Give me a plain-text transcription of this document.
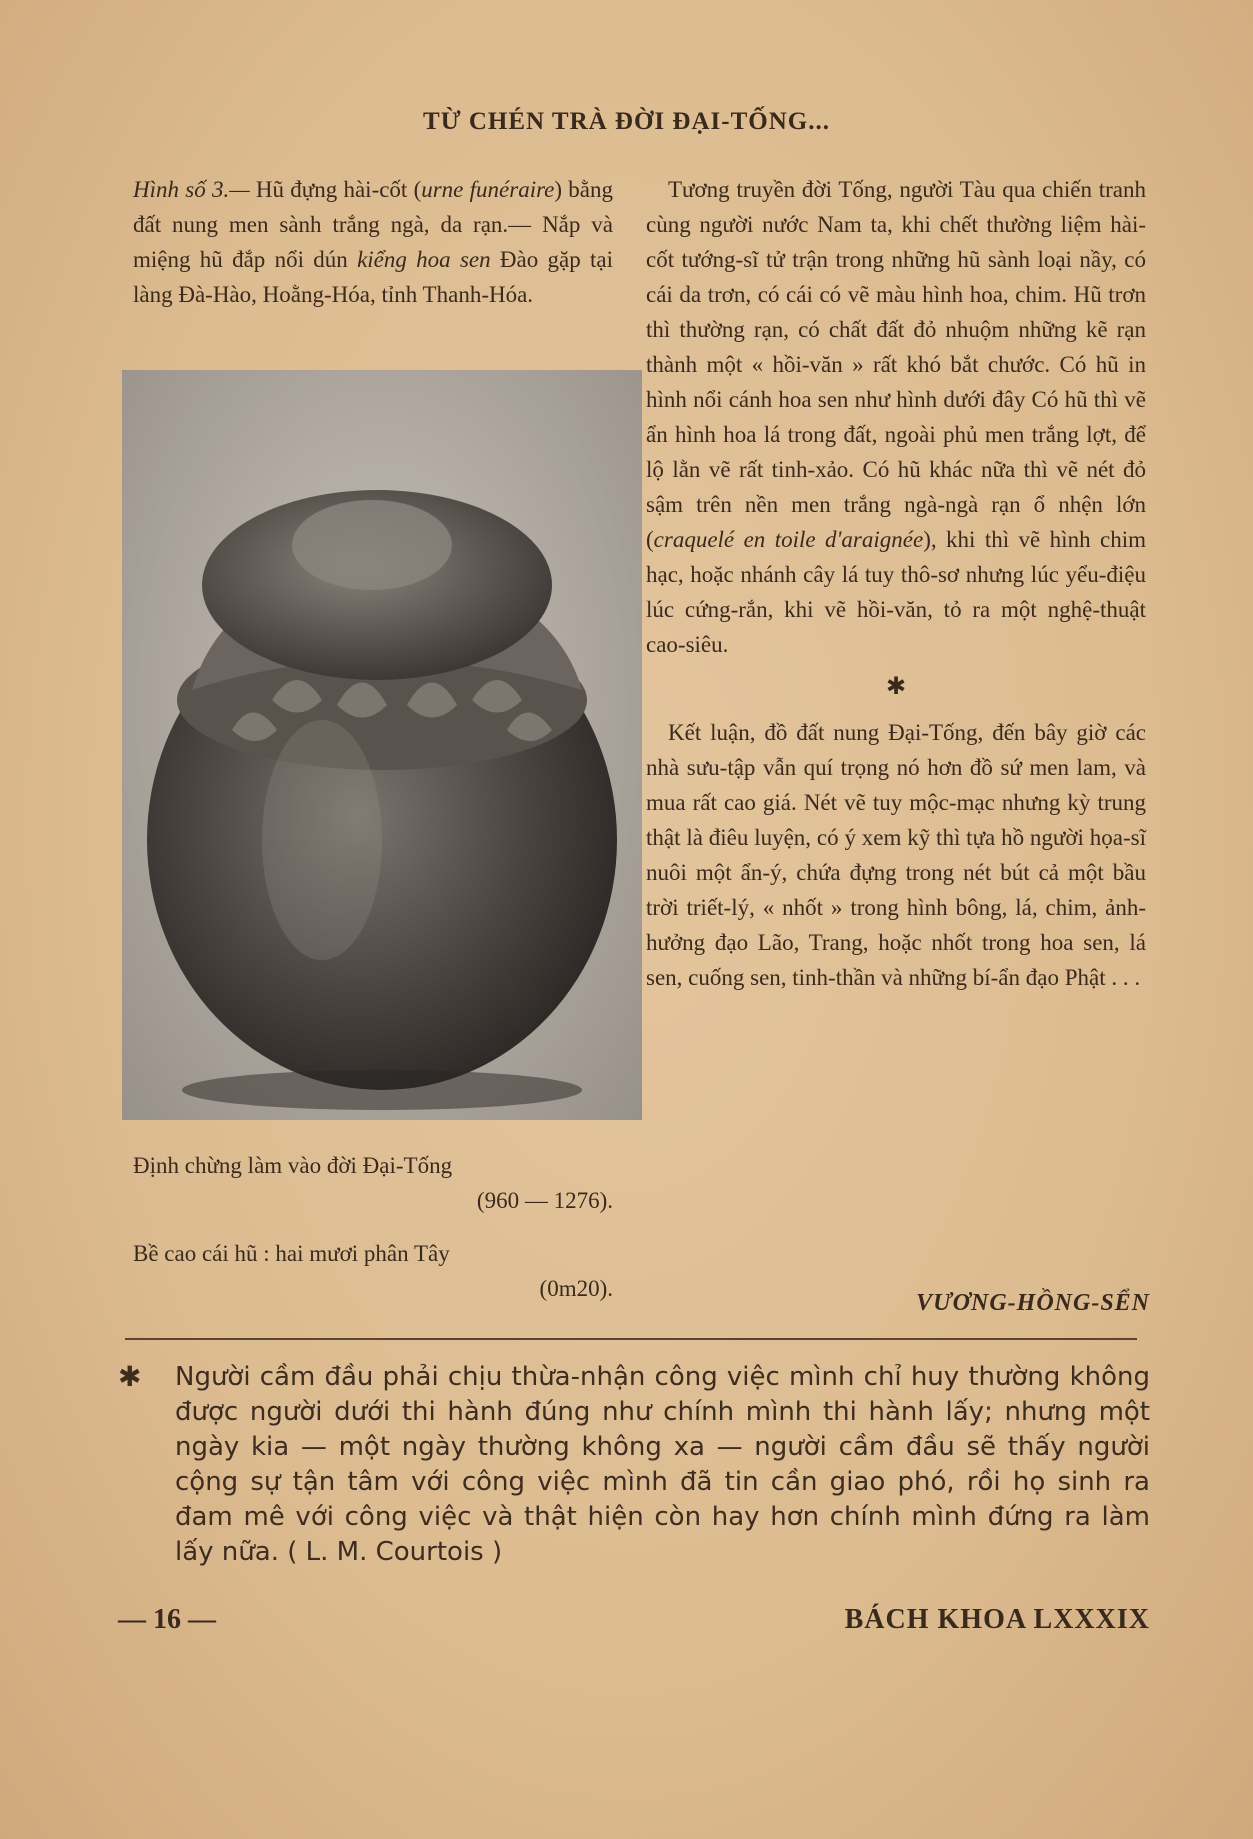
TỪ CHÉN TRÀ ĐỜI ĐẠI-TỐNG...

Hình số 3.— Hũ đựng hài-cốt (urne funéraire) bằng đất nung men sành trắng ngà, da rạn.— Nắp và miệng hũ đắp nổi dún kiểng hoa sen Đào gặp tại làng Đà-Hào, Hoằng-Hóa, tỉnh Thanh-Hóa.

Định chừng làm vào đời Đại-Tống

(960 — 1276).

Bề cao cái hũ : hai mươi phân Tây

(0m20).

Tương truyền đời Tống, người Tàu qua chiến tranh cùng người nước Nam ta, khi chết thường liệm hài-cốt tướng-sĩ tử trận trong những hũ sành loại nầy, có cái da trơn, có cái có vẽ màu hình hoa, chim. Hũ trơn thì thường rạn, có chất đất đỏ nhuộm những kẽ rạn thành một « hồi-văn » rất khó bắt chước. Có hũ in hình nổi cánh hoa sen như hình dưới đây Có hũ thì vẽ ẩn hình hoa lá trong đất, ngoài phủ men trắng lợt, để lộ lằn vẽ rất tinh-xảo. Có hũ khác nữa thì vẽ nét đỏ sậm trên nền men trắng ngà-ngà rạn ổ nhện lớn (craquelé en toile d'araignée), khi thì vẽ hình chim hạc, hoặc nhánh cây lá tuy thô-sơ nhưng lúc yểu-điệu lúc cứng-rắn, khi vẽ hồi-văn, tỏ ra một nghệ-thuật cao-siêu.

✱

Kết luận, đồ đất nung Đại-Tống, đến bây giờ các nhà sưu-tập vẫn quí trọng nó hơn đồ sứ men lam, và mua rất cao giá. Nét vẽ tuy mộc-mạc nhưng kỳ trung thật là điêu luyện, có ý xem kỹ thì tựa hồ người họa-sĩ nuôi một ẩn-ý, chứa đựng trong nét bút cả một bầu trời triết-lý, « nhốt » trong hình bông, lá, chim, ảnh-hưởng đạo Lão, Trang, hoặc nhốt trong hoa sen, lá sen, cuống sen, tinh-thần và những bí-ẩn đạo Phật . . .

VƯƠNG-HỒNG-SỂN
✱ Người cầm đầu phải chịu thừa-nhận công việc mình chỉ huy thường không được người dưới thi hành đúng như chính mình thi hành lấy; nhưng một ngày kia — một ngày thường không xa — người cầm đầu sẽ thấy người cộng sự tận tâm với công việc mình đã tin cần giao phó, rồi họ sinh ra đam mê với công việc và thật hiện còn hay hơn chính mình đứng ra làm lấy nữa. ( L. M. Courtois )
— 16 —	BÁCH KHOA LXXXIX
